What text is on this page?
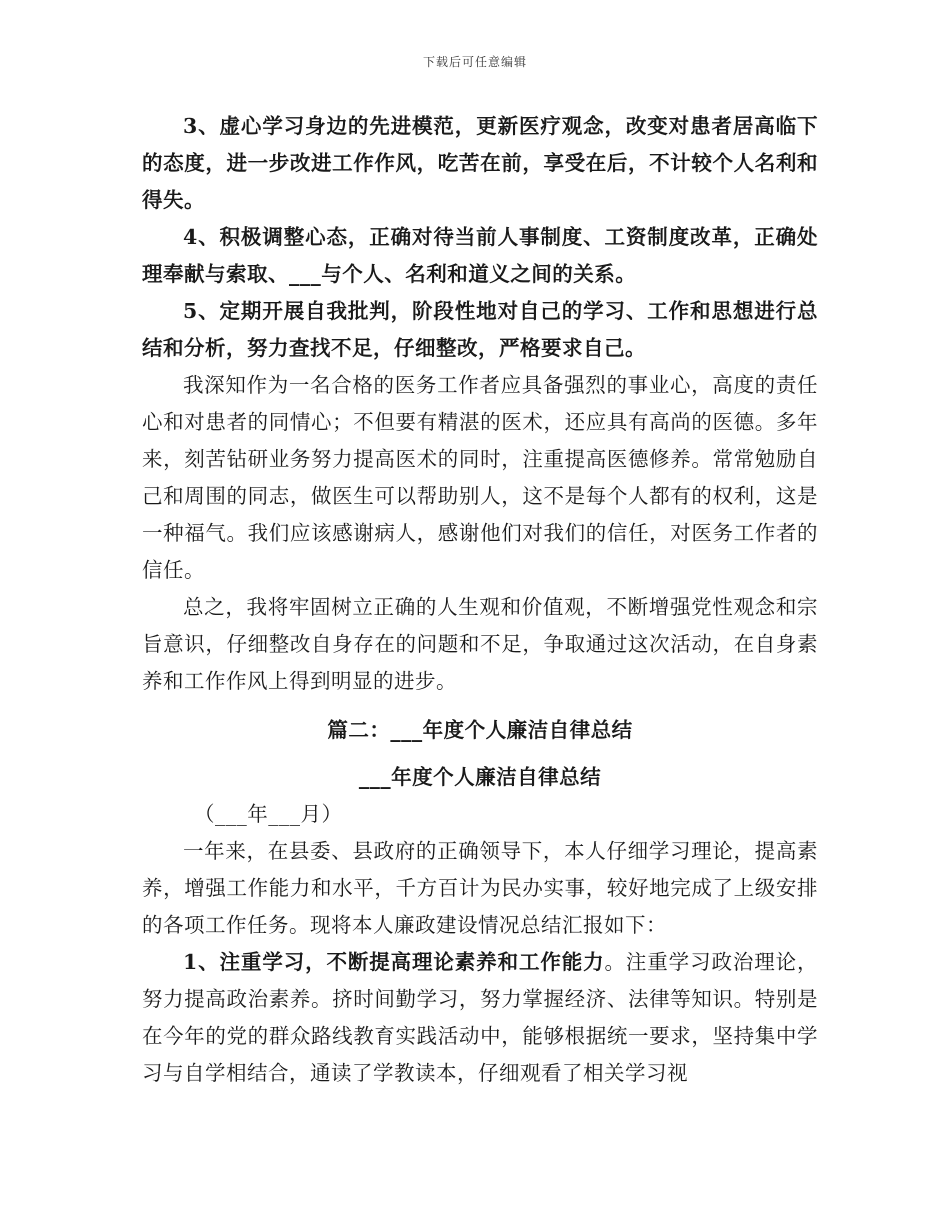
下载后可任意编辑

3、虚心学习身边的先进模范，更新医疗观念，改变对患者居高临下的态度，进一步改进工作作风，吃苦在前，享受在后，不计较个人名利和得失。

4、积极调整心态，正确对待当前人事制度、工资制度改革，正确处理奉献与索取、___与个人、名利和道义之间的关系。

5、定期开展自我批判，阶段性地对自己的学习、工作和思想进行总结和分析，努力查找不足，仔细整改，严格要求自己。

我深知作为一名合格的医务工作者应具备强烈的事业心，高度的责任心和对患者的同情心；不但要有精湛的医术，还应具有高尚的医德。多年来，刻苦钻研业务努力提高医术的同时，注重提高医德修养。常常勉励自己和周围的同志，做医生可以帮助别人，这不是每个人都有的权利，这是一种福气。我们应该感谢病人，感谢他们对我们的信任，对医务工作者的信任。

总之，我将牢固树立正确的人生观和价值观，不断增强党性观念和宗旨意识，仔细整改自身存在的问题和不足，争取通过这次活动，在自身素养和工作作风上得到明显的进步。

篇二：___年度个人廉洁自律总结

___年度个人廉洁自律总结

（___年___月）

一年来，在县委、县政府的正确领导下，本人仔细学习理论，提高素养，增强工作能力和水平，千方百计为民办实事，较好地完成了上级安排的各项工作任务。现将本人廉政建设情况总结汇报如下：

1、注重学习，不断提高理论素养和工作能力。注重学习政治理论，努力提高政治素养。挤时间勤学习，努力掌握经济、法律等知识。特别是在今年的党的群众路线教育实践活动中，能够根据统一要求，坚持集中学习与自学相结合，通读了学教读本，仔细观看了相关学习视
